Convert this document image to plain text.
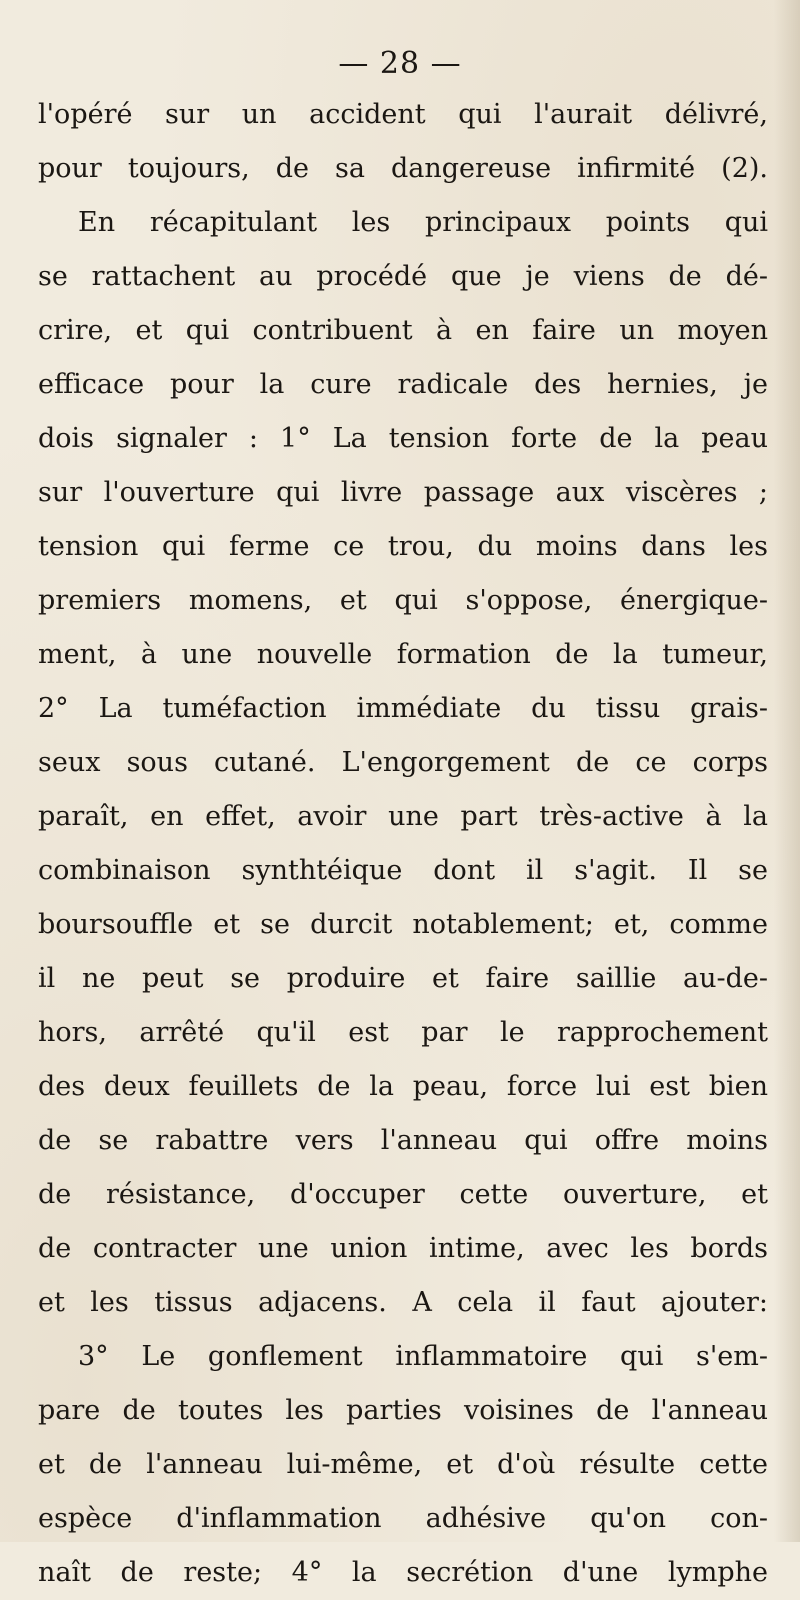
— 28 —
l'opéré sur un accident qui l'aurait délivré,
pour toujours, de sa dangereuse infirmité (2).
En récapitulant les principaux points qui
se rattachent au procédé que je viens de dé-
crire, et qui contribuent à en faire un moyen
efficace pour la cure radicale des hernies, je
dois signaler : 1° La tension forte de la peau
sur l'ouverture qui livre passage aux viscères ;
tension qui ferme ce trou, du moins dans les
premiers momens, et qui s'oppose, énergique-
ment, à une nouvelle formation de la tumeur,
2° La tuméfaction immédiate du tissu grais-
seux sous cutané. L'engorgement de ce corps
paraît, en effet, avoir une part très-active à la
combinaison synthtéique dont il s'agit. Il se
boursouffle et se durcit notablement; et, comme
il ne peut se produire et faire saillie au-de-
hors, arrêté qu'il est par le rapprochement
des deux feuillets de la peau, force lui est bien
de se rabattre vers l'anneau qui offre moins
de résistance, d'occuper cette ouverture, et
de contracter une union intime, avec les bords
et les tissus adjacens. A cela il faut ajouter:
3° Le gonflement inflammatoire qui s'em-
pare de toutes les parties voisines de l'anneau
et de l'anneau lui-même, et d'où résulte cette
espèce d'inflammation adhésive qu'on con-
naît de reste; 4° la secrétion d'une lymphe
